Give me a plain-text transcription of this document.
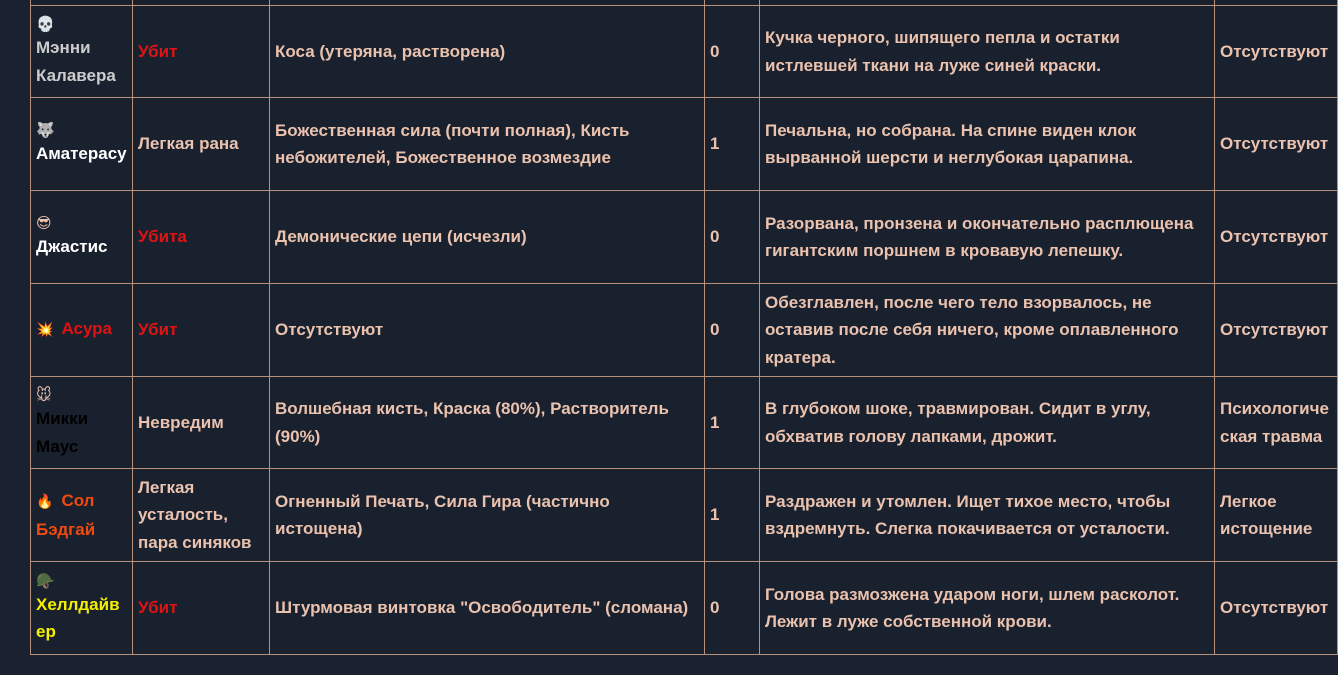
💀
Мэнни Калавера	Убит	Коса (утеряна, растворена)	0	Кучка черного, шипящего пепла и остатки истлевшей ткани на луже синей краски.	Отсутствуют

🐺
Аматерасу	Легкая рана	Божественная сила (почти полная), Кисть небожителей, Божественное возмездие	1	Печальна, но собрана. На спине виден клок вырванной шерсти и неглубокая царапина.	Отсутствуют

😎
Джастис	Убита	Демонические цепи (исчезли)	0	Разорвана, пронзена и окончательно расплющена гигантским поршнем в кровавую лепешку.	Отсутствуют
💥 Асура	Убит	Отсутствуют	0	Обезглавлен, после чего тело взорвалось, не оставив после себя ничего, кроме оплавленного кратера.	Отсутствуют

🐭
Микки Маус	Невредим	Волшебная кисть, Краска (80%), Растворитель (90%)	1	В глубоком шоке, травмирован. Сидит в углу, обхватив голову лапками, дрожит.	Психологическая травма
🔥 Сол Бэдгай	Легкая усталость, пара синяков	Огненный Печать, Сила Гира (частично истощена)	1	Раздражен и утомлен. Ищет тихое место, чтобы вздремнуть. Слегка покачивается от усталости.	Легкое истощение

🪖
Хеллдайвер	Убит	Штурмовая винтовка "Освободитель" (сломана)	0	Голова размозжена ударом ноги, шлем расколот. Лежит в луже собственной крови.	Отсутствуют
